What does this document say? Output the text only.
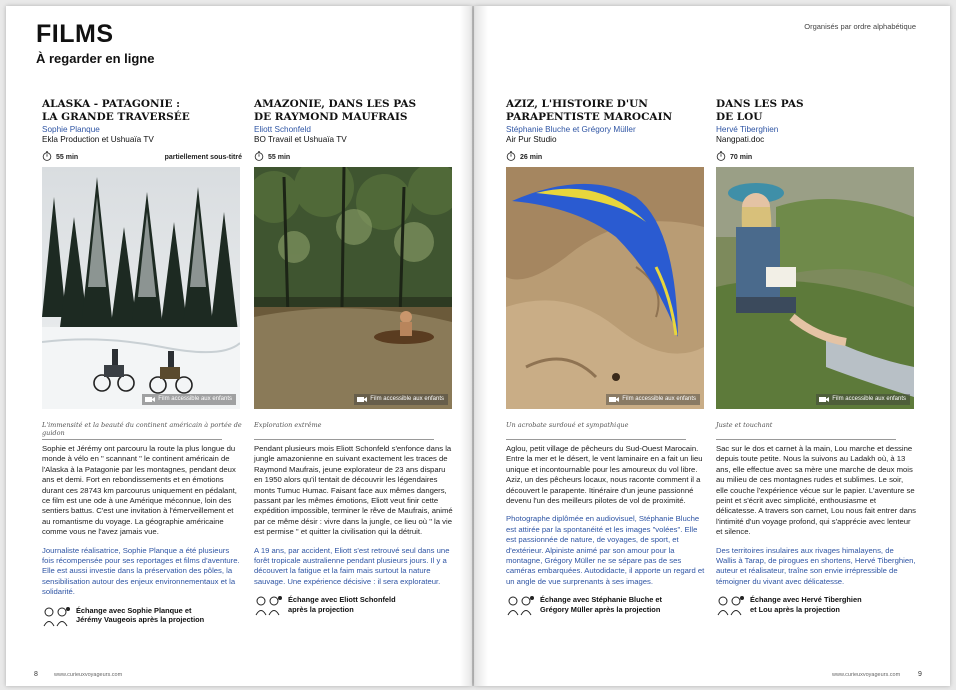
FILMS
À regarder en ligne
Organisés par ordre alphabétique
ALASKA - PATAGONIE :
LA GRANDE TRAVERSÉE
Sophie Planque
Ekla Production et Ushuaïa TV
55 min	partiellement sous-titré
Film accessible aux enfants
L'immensité et la beauté du continent américain à portée de guidon
Sophie et Jérémy ont parcouru la route la plus longue du monde à vélo en " scannant " le continent américain de l'Alaska à la Patagonie par les montagnes, pendant deux ans et demi. Fort en rebondissements et en émotions durant ces 28743 km parcourus uniquement en pédalant, ce film est une ode à une Amérique méconnue, loin des sentiers battus. C'est une invitation à l'émerveillement et au romantisme du voyage. La géographie américaine comme vous ne l'avez jamais vue.
Journaliste réalisatrice, Sophie Planque a été plusieurs fois récompensée pour ses reportages et films d'aventure. Elle est aussi investie dans la préservation des pôles, la sensibilisation autour des enjeux environnementaux et la solidarité.
Échange avec Sophie Planque et
Jérémy Vaugeois après la projection
AMAZONIE, DANS LES PAS
DE RAYMOND MAUFRAIS
Eliott Schonfeld
BO Travail et Ushuaïa TV
55 min
Film accessible aux enfants
Exploration extrême
Pendant plusieurs mois Eliott Schonfeld s'enfonce dans la jungle amazonienne en suivant exactement les traces de Raymond Maufrais, jeune explorateur de 23 ans disparu en 1950 alors qu'il tentait de découvrir les légendaires monts Tumuc Humac. Faisant face aux mêmes dangers, passant par les mêmes émotions, Eliott veut finir cette expédition impossible, terminer le rêve de Maufrais, animé par ce même désir : vivre dans la jungle, ce lieu où " la vie est permise " et quitter la civilisation qui la détruit.
A 19 ans, par accident, Eliott s'est retrouvé seul dans une forêt tropicale australienne pendant plusieurs jours. Il y a découvert la fatigue et la faim mais surtout la nature sauvage. Une expérience décisive : il sera explorateur.
Échange avec Eliott Schonfeld
après la projection
AZIZ, L'HISTOIRE D'UN
PARAPENTISTE MAROCAIN
Stéphanie Bluche et Grégory Müller
Air Pur Studio
26 min
Film accessible aux enfants
Un acrobate surdoué et sympathique
Aglou, petit village de pêcheurs du Sud-Ouest Marocain. Entre la mer et le désert, le vent laminaire en a fait un lieu unique et incontournable pour les amoureux du vol libre. Aziz, un des pêcheurs locaux, nous raconte comment il a découvert le parapente. Itinéraire d'un jeune passionné devenu l'un des meilleurs pilotes de vol de proximité.
Photographe diplômée en audiovisuel, Stéphanie Bluche est attirée par la spontanéité et les images "volées". Elle est passionnée de nature, de voyages, de sport, et d'extérieur. Alpiniste animé par son amour pour la montagne, Grégory Müller ne se sépare pas de ses caméras embarquées. Autodidacte, il apporte un regard et un angle de vue surprenants à ses images.
Échange avec Stéphanie Bluche et
Grégory Müller après la projection
DANS LES PAS
DE LOU
Hervé Tiberghien
Nangpati.doc
70 min
Film accessible aux enfants
Juste et touchant
Sac sur le dos et carnet à la main, Lou marche et dessine depuis toute petite. Nous la suivons au Ladakh où, à 13 ans, elle effectue avec sa mère une marche de deux mois au milieu de ces montagnes rudes et sublimes. Le soir, elle couche l'expérience vécue sur le papier. L'aventure se peint et s'écrit avec simplicité, enthousiasme et délicatesse. A travers son carnet, Lou nous fait entrer dans l'intimité d'un voyage profond, qui s'apprécie avec lenteur et silence.
Des territoires insulaires aux rivages himalayens, de Wallis à Tarap, de pirogues en shortens, Hervé Tiberghien, auteur et réalisateur, traîne son envie irrépressible de témoigner du vivant avec délicatesse.
Échange avec Hervé Tiberghien
et Lou après la projection
8	www.curieuxvoyageurs.com	www.curieuxvoyageurs.com	9
